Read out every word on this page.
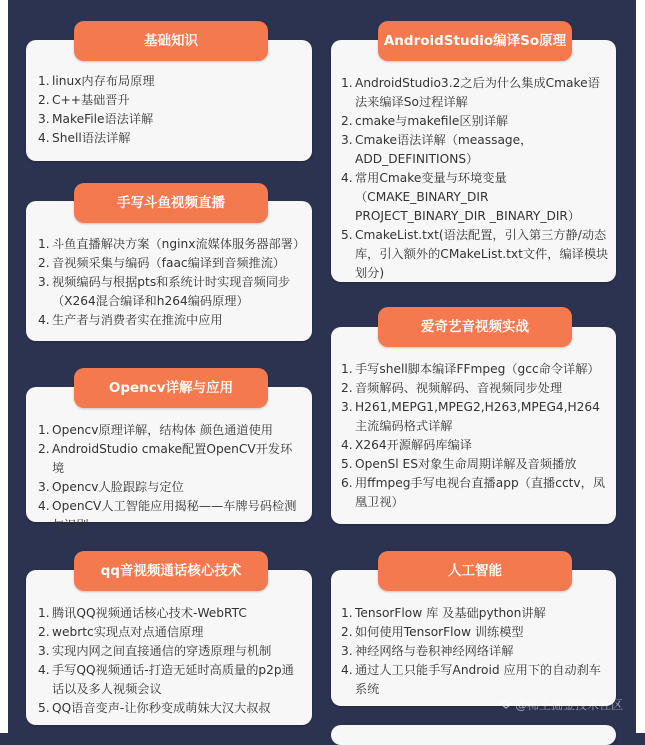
1. linux内存布局原理
2. C++基础晋升
3. MakeFile语法详解
4. Shell语法详解
基础知识
1. 斗鱼直播解决方案（nginx流媒体服务器部署）
2. 音视频采集与编码（faac编译到音频推流）
3. 视频编码与根据pts和系统计时实现音频同步（X264混合编译和h264编码原理）
4. 生产者与消费者实在推流中应用
手写斗鱼视频直播
1. Opencv原理详解，结构体 颜色通道使用
2. AndroidStudio cmake配置OpenCV开发环境
3. Opencv人脸跟踪与定位
4. OpenCV人工智能应用揭秘——车牌号码检测与识别
Opencv详解与应用
1. 腾讯QQ视频通话核心技术-WebRTC
2. webrtc实现点对点通信原理
3. 实现内网之间直接通信的穿透原理与机制
4. 手写QQ视频通话-打造无延时高质量的p2p通话以及多人视频会议
5. QQ语音变声-让你秒变成萌妹大汉大叔叔
qq音视频通话核心技术
1. AndroidStudio3.2之后为什么集成Cmake语法来编译So过程详解
2. cmake与makefile区别详解
3. Cmake语法详解（meassage，ADD_DEFINITIONS）
4. 常用Cmake变量与环境变量（CMAKE_BINARY_DIR PROJECT_BINARY_DIR _BINARY_DIR）
5. CmakeList.txt(语法配置，引入第三方静/动态库，引入额外的CMakeList.txt文件，编译模块划分)
AndroidStudio编译So原理
1. 手写shell脚本编译FFmpeg（gcc命令详解）
2. 音频解码、视频解码、音视频同步处理
3. H261,MEPG1,MPEG2,H263,MPEG4,H264主流编码格式详解
4. X264开源解码库编译
5. OpenSl ES对象生命周期详解及音频播放
6. 用ffmpeg手写电视台直播app（直播cctv，凤凰卫视）
爱奇艺音视频实战
1. TensorFlow 库 及基础python讲解
2. 如何使用TensorFlow 训练模型
3. 神经网络与卷积神经网络详解
4. 通过人工只能手写Android 应用下的自动刹车系统
人工智能
@稀土掘金技术社区
